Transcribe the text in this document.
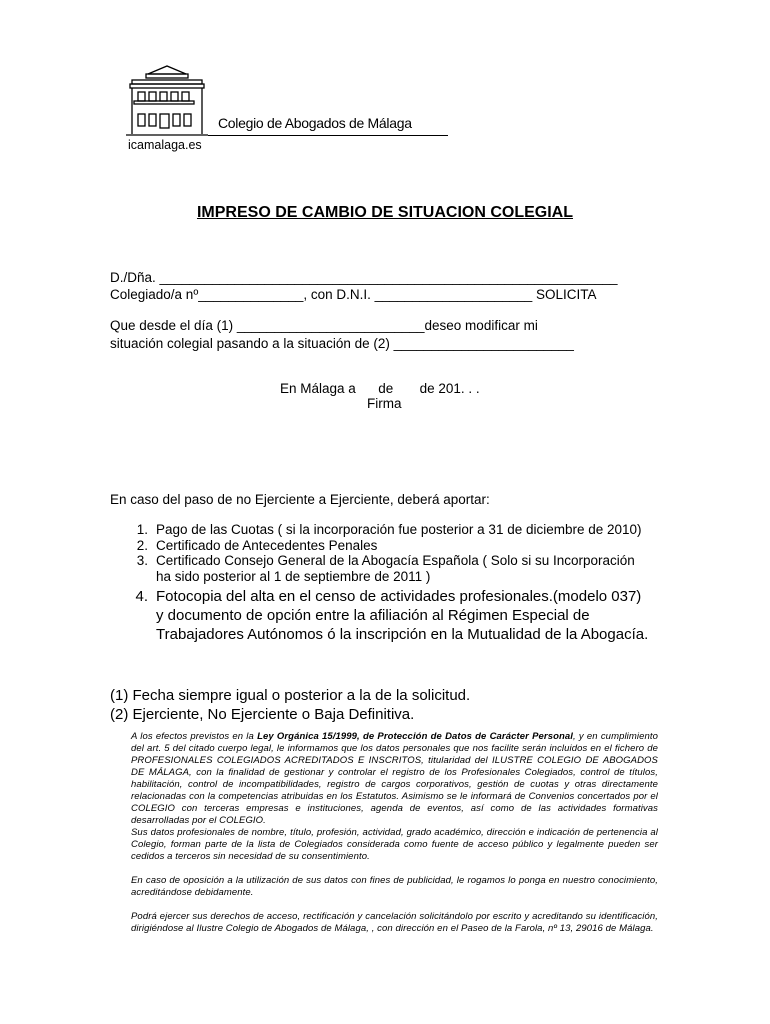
Colegio de Abogados de Málaga
icamalaga.es
IMPRESO DE CAMBIO DE SITUACION COLEGIAL
D./Dña. _____________________________________________________________
Colegiado/a nº______________, con D.N.I. _____________________ SOLICITA
Que desde el día (1) _________________________deseo modificar mi
situación colegial pasando a la situación de (2) ________________________
En Málaga a      de       de 201. . .
Firma
En caso del paso de no Ejerciente a Ejerciente, deberá aportar:
1. Pago de las Cuotas ( si la incorporación fue posterior a 31 de diciembre de 2010)
2. Certificado de Antecedentes Penales
3. Certificado Consejo General de la Abogacía Española ( Solo si su Incorporación ha sido posterior al 1 de septiembre de 2011 )
4. Fotocopia del alta en el censo de actividades profesionales.(modelo 037) y documento de opción entre la afiliación al Régimen Especial de Trabajadores Autónomos ó la inscripción en la Mutualidad de la Abogacía.
(1) Fecha siempre igual o posterior a la de la solicitud.
(2) Ejerciente, No Ejerciente o Baja Definitiva.

A los efectos previstos en la Ley Orgánica 15/1999, de Protección de Datos de Carácter Personal, y en cumplimiento del art. 5 del citado cuerpo legal, le informamos que los datos personales que nos facilite serán incluidos en el fichero de PROFESIONALES COLEGIADOS ACREDITADOS E INSCRITOS, titularidad del ILUSTRE COLEGIO DE ABOGADOS DE MÁLAGA, con la finalidad de gestionar y controlar el registro de los Profesionales Colegiados, control de títulos, habilitación, control de incompatibilidades, registro de cargos corporativos, gestión de cuotas y otras directamente relacionadas con la competencias atribuidas en los Estatutos. Asimismo se le informará de Convenios concertados por el COLEGIO con terceras empresas e instituciones, agenda de eventos, así como de las actividades formativas desarrolladas por el COLEGIO.

Sus datos profesionales de nombre, título, profesión, actividad, grado académico, dirección e indicación de pertenencia al Colegio, forman parte de la lista de Colegiados considerada como fuente de acceso público y legalmente pueden ser cedidos a terceros sin necesidad de su consentimiento.

En caso de oposición a la utilización de sus datos con fines de publicidad, le rogamos lo ponga en nuestro conocimiento, acreditándose debidamente.

Podrá ejercer sus derechos de acceso, rectificación y cancelación solicitándolo por escrito y acreditando su identificación, dirigiéndose al Ilustre Colegio de Abogados de Málaga, , con dirección en el Paseo de la Farola, nº 13, 29016 de Málaga.
